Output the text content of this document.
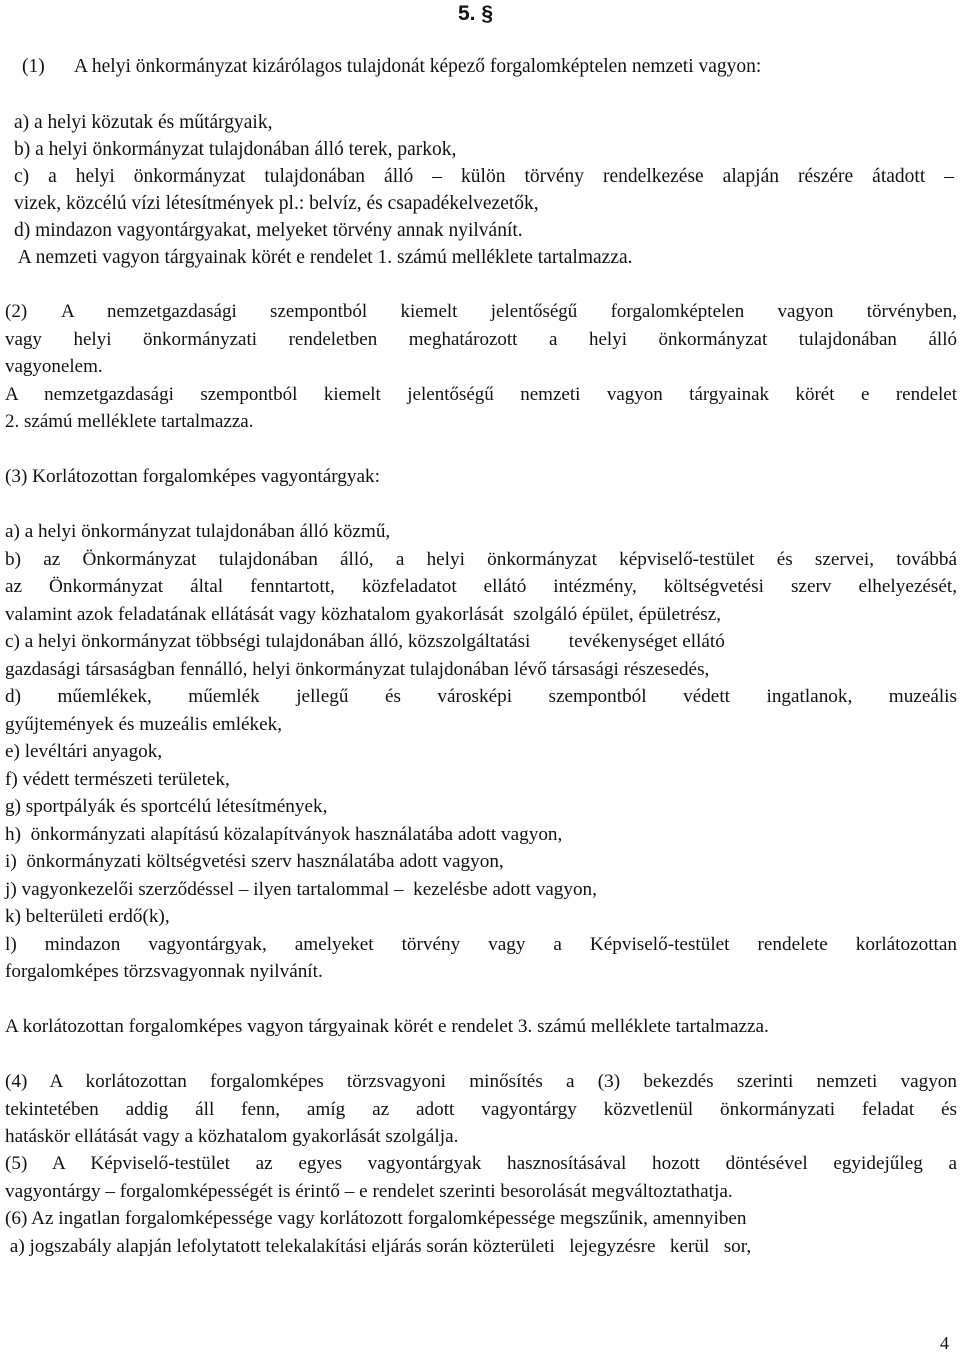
5. §
(1) A helyi önkormányzat kizárólagos tulajdonát képező forgalomképtelen nemzeti vagyon:
a) a helyi közutak és műtárgyaik,
b) a helyi önkormányzat tulajdonában álló terek, parkok,
c) a helyi önkormányzat tulajdonában álló – külön törvény rendelkezése alapján részére átadott –
vizek, közcélú vízi létesítmények pl.: belvíz, és csapadékelvezetők,
d) mindazon vagyontárgyakat, melyeket törvény annak nyilvánít.
A nemzeti vagyon tárgyainak körét e rendelet 1. számú melléklete tartalmazza.
(2) A nemzetgazdasági szempontból kiemelt jelentőségű forgalomképtelen vagyon törvényben,
vagy helyi önkormányzati rendeletben meghatározott a helyi önkormányzat tulajdonában álló
vagyonelem.
A nemzetgazdasági szempontból kiemelt jelentőségű nemzeti vagyon tárgyainak körét e rendelet
2. számú melléklete tartalmazza.
(3) Korlátozottan forgalomképes vagyontárgyak:
a) a helyi önkormányzat tulajdonában álló közmű,
b) az Önkormányzat tulajdonában álló, a helyi önkormányzat képviselő-testület és szervei, továbbá
az Önkormányzat által fenntartott, közfeladatot ellátó intézmény, költségvetési szerv elhelyezését,
valamint azok feladatának ellátását vagy közhatalom gyakorlását  szolgáló épület, épületrész,
c) a helyi önkormányzat többségi tulajdonában álló, közszolgáltatási        tevékenységet ellátó
gazdasági társaságban fennálló, helyi önkormányzat tulajdonában lévő társasági részesedés,
d) műemlékek, műemlék jellegű és városképi szempontból védett ingatlanok, muzeális
gyűjtemények és muzeális emlékek,
e) levéltári anyagok,
f) védett természeti területek,
g) sportpályák és sportcélú létesítmények,
h)  önkormányzati alapítású közalapítványok használatába adott vagyon,
i)  önkormányzati költségvetési szerv használatába adott vagyon,
j) vagyonkezelői szerződéssel – ilyen tartalommal –  kezelésbe adott vagyon,
k) belterületi erdő(k),
l) mindazon vagyontárgyak, amelyeket törvény vagy a Képviselő-testület rendelete korlátozottan
forgalomképes törzsvagyonnak nyilvánít.
A korlátozottan forgalomképes vagyon tárgyainak körét e rendelet 3. számú melléklete tartalmazza.
(4) A korlátozottan forgalomképes törzsvagyoni minősítés a (3) bekezdés szerinti nemzeti vagyon
tekintetében addig áll fenn, amíg az adott vagyontárgy közvetlenül önkormányzati feladat és
hatáskör ellátását vagy a közhatalom gyakorlását szolgálja.
(5) A Képviselő-testület az egyes vagyontárgyak hasznosításával hozott döntésével egyidejűleg a
vagyontárgy – forgalomképességét is érintő – e rendelet szerinti besorolását megváltoztathatja.
(6) Az ingatlan forgalomképessége vagy korlátozott forgalomképessége megszűnik, amennyiben
a) jogszabály alapján lefolytatott telekalakítási eljárás során közterületi   lejegyzésre   kerül   sor,
4
